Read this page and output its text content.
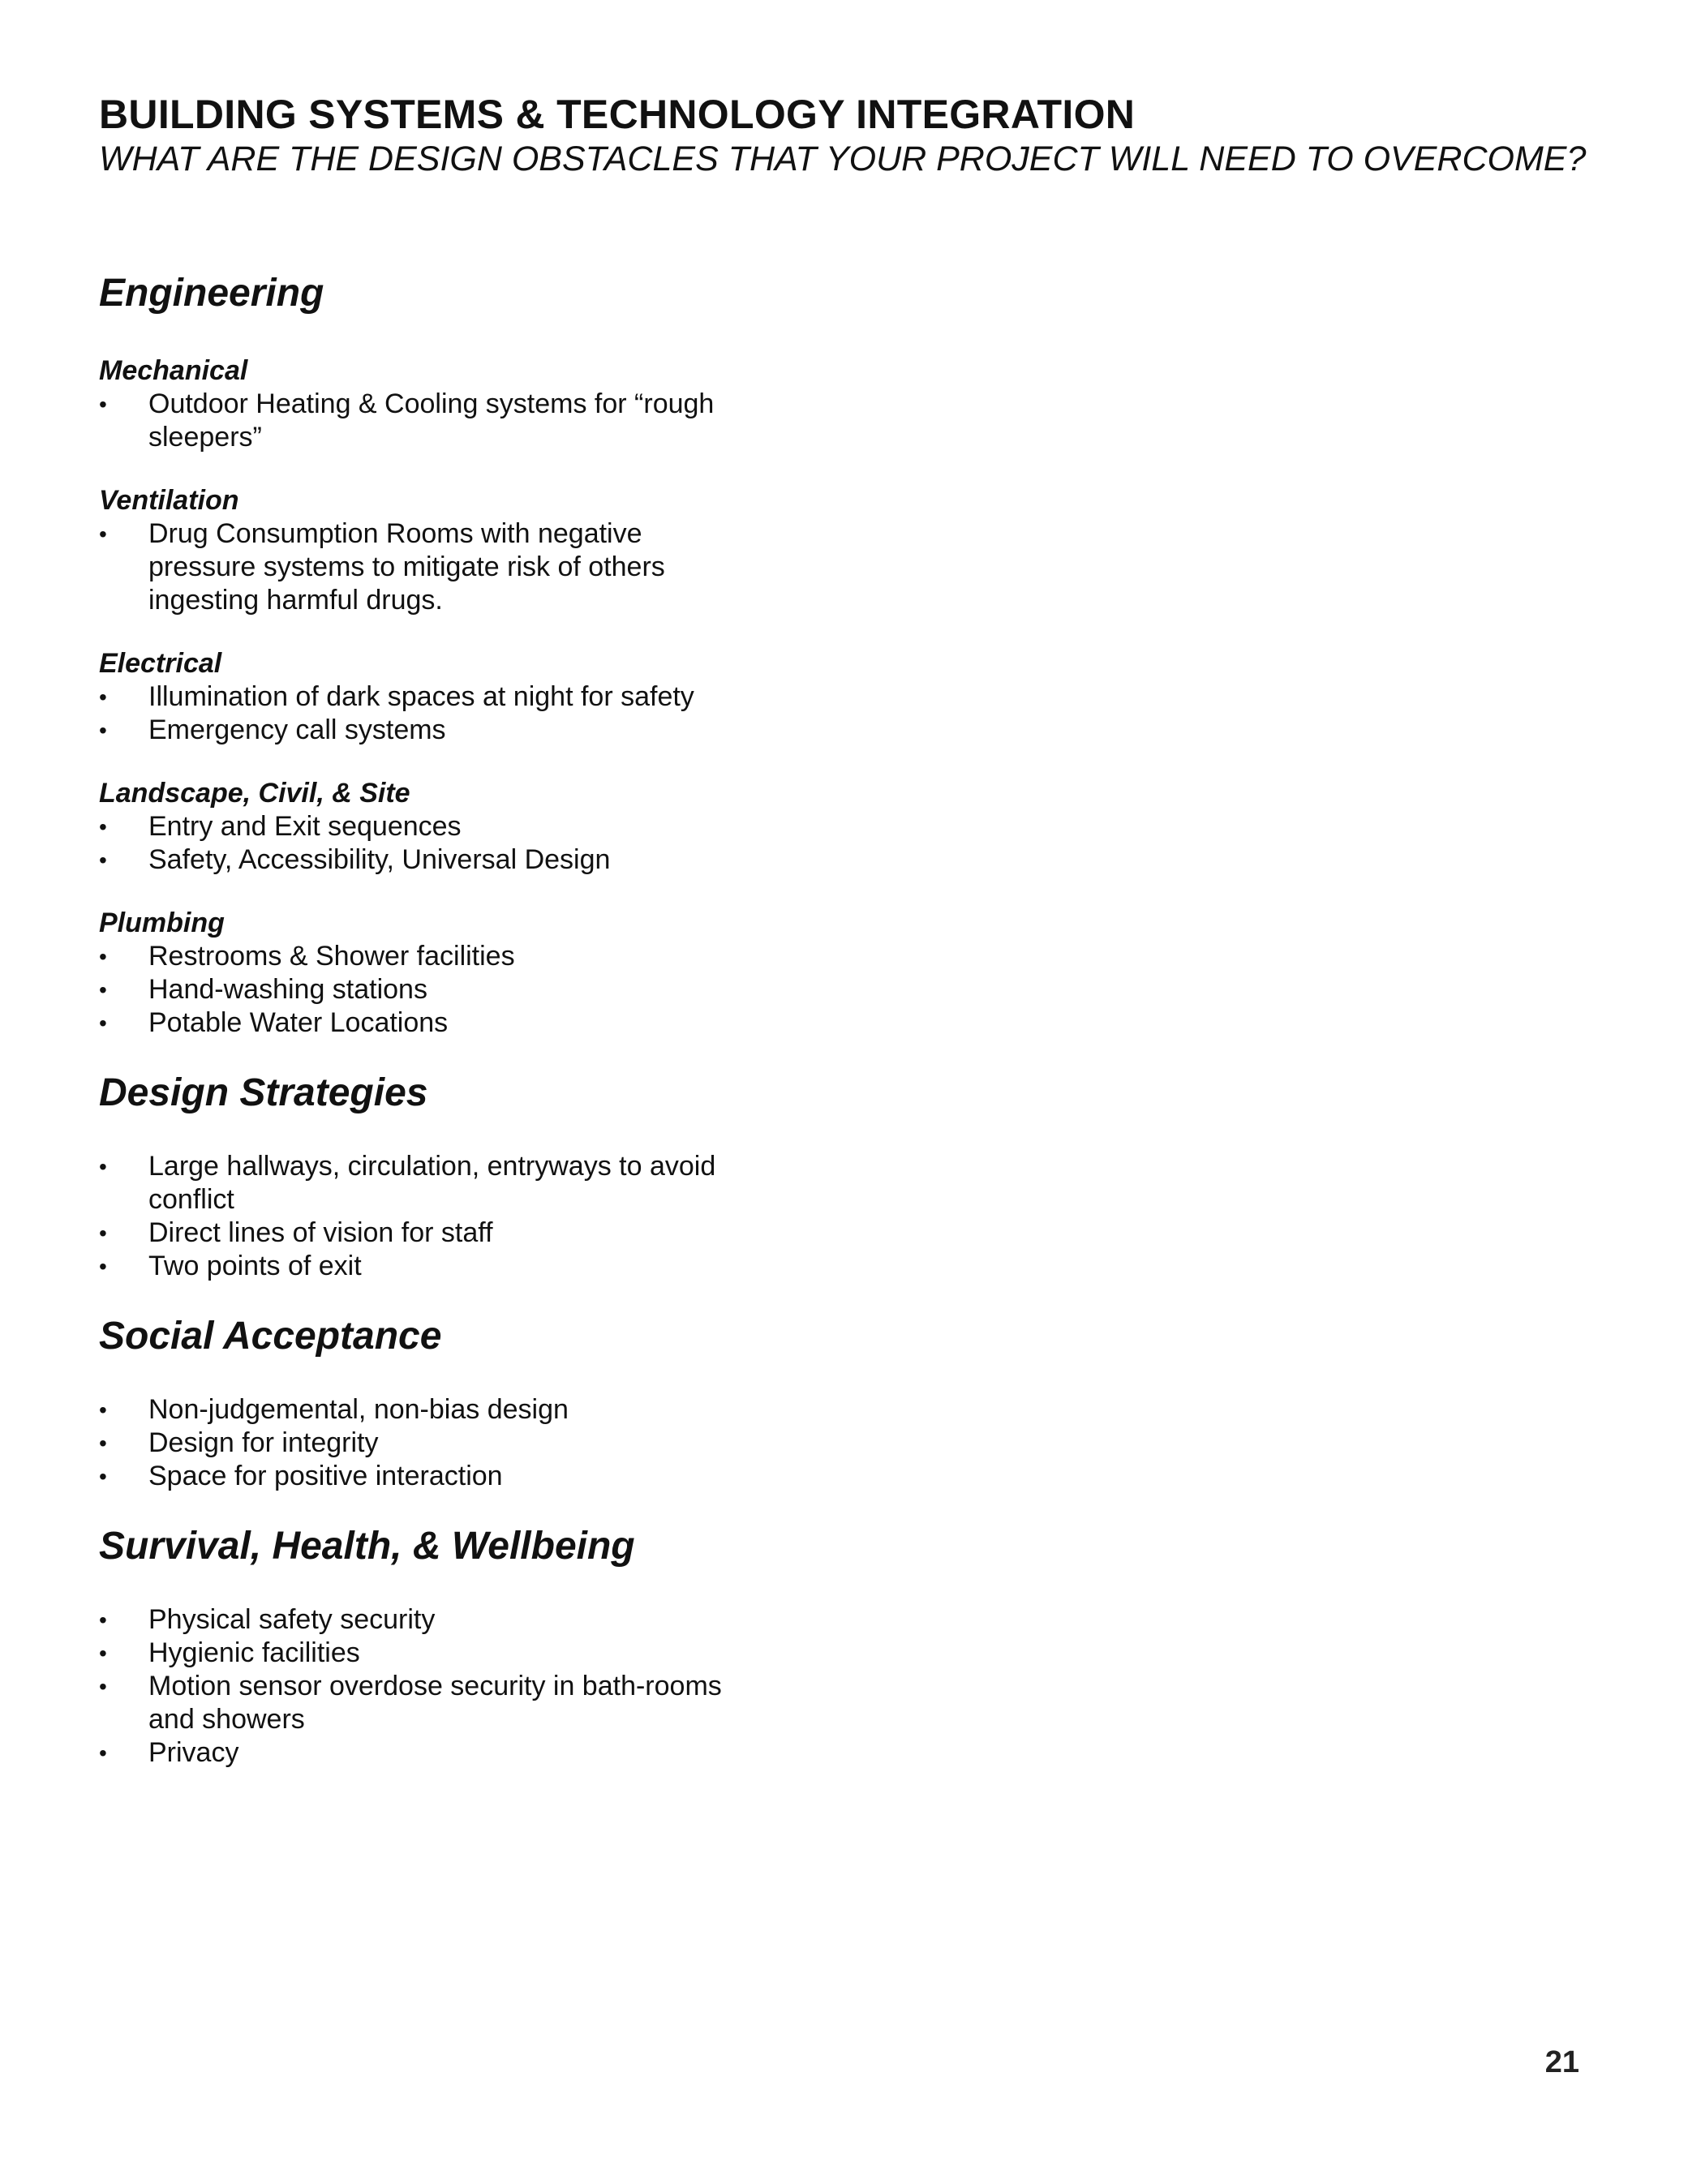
BUILDING SYSTEMS & TECHNOLOGY INTEGRATION

WHAT ARE THE DESIGN OBSTACLES THAT YOUR PROJECT WILL NEED TO OVERCOME?

Engineering
Mechanical
• Outdoor Heating & Cooling systems for “rough sleepers”
Ventilation
• Drug Consumption Rooms with negative pressure systems to mitigate risk of others ingesting harmful drugs.
Electrical
• Illumination of dark spaces at night for safety
• Emergency call systems
Landscape, Civil, & Site
• Entry and Exit sequences
• Safety, Accessibility, Universal Design
Plumbing
• Restrooms & Shower facilities
• Hand-washing stations
• Potable Water Locations
Design Strategies
• Large hallways, circulation, entryways to avoid conflict
• Direct lines of vision for staff
• Two points of exit
Social Acceptance
• Non-judgemental, non-bias design
• Design for integrity
• Space for positive interaction
Survival, Health, & Wellbeing
• Physical safety security
• Hygienic facilities
• Motion sensor overdose security in bath-rooms and showers
• Privacy
21
